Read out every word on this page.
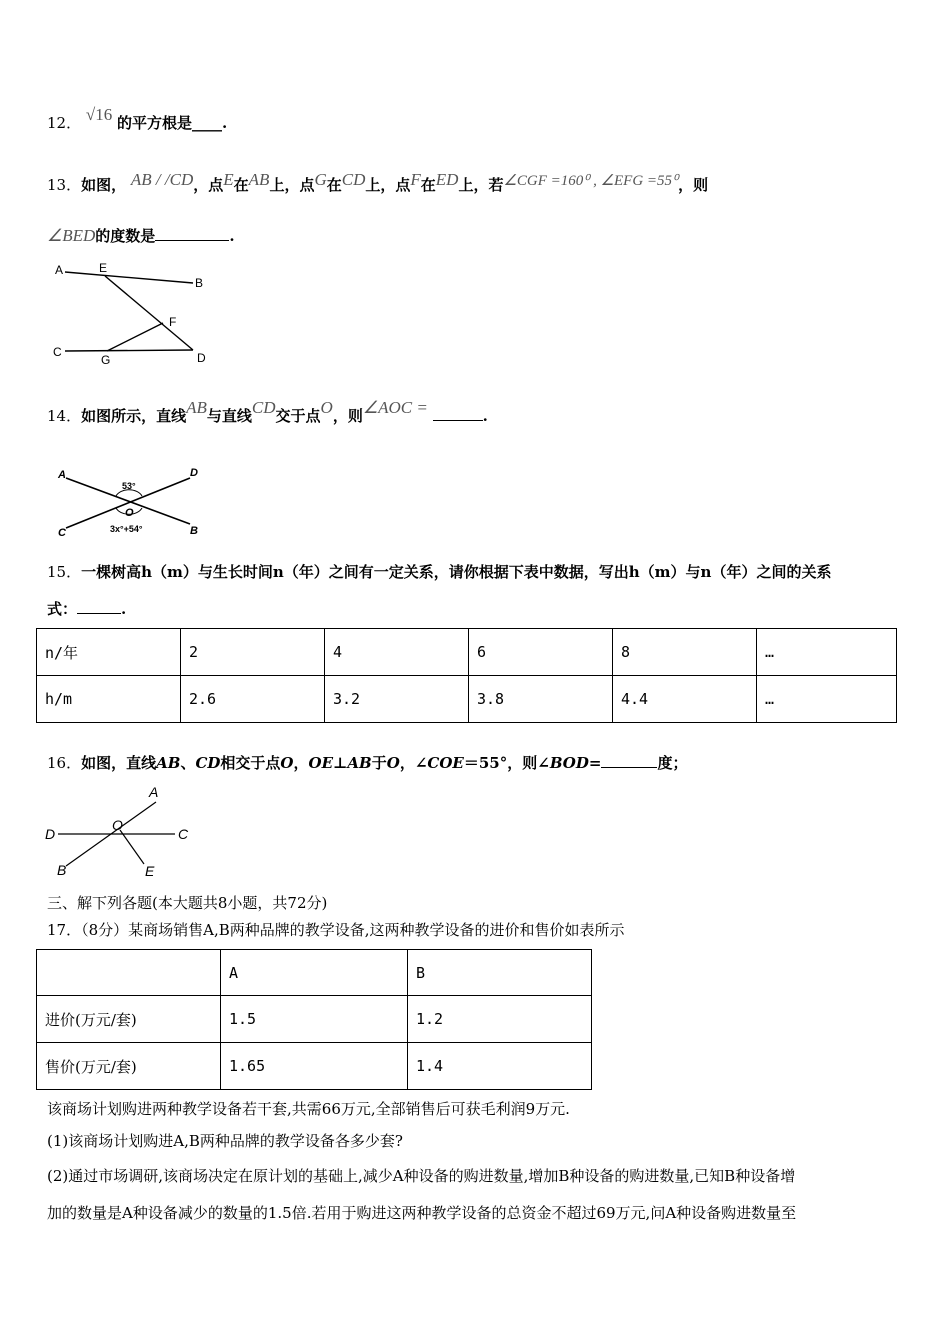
12． √16 的平方根是____.
13．如图， AB / /CD，点E在AB上，点G在CD上，点F在ED上，若∠CGF =160⁰ , ∠EFG =55⁰，则
∠BED的度数是	.
A	E
B
F
C
G	D
14．如图所示，直线AB与直线CD交于点O，则∠AOC =	.
A	D
C	B
O
53°
3x°+54°
15．一棵树高h（m）与生长时间n（年）之间有一定关系，请你根据下表中数据，写出h（m）与n（年）之间的关系
式：	.
n/年	2	4	6	8	…
h/m	2.6	3.2	3.8	4.4	…
16．如图，直线AB、CD相交于点O，OE⊥AB于O，∠COE＝55°，则∠BOD=	度；
A
O
D	C
B	E
三、解下列各题(本大题共8小题，共72分)
17．（8分）某商场销售A,B两种品牌的教学设备,这两种教学设备的进价和售价如表所示
	A	B
进价(万元/套)	1.5	1.2
售价(万元/套)	1.65	1.4
该商场计划购进两种教学设备若干套,共需66万元,全部销售后可获毛利润9万元.
(1)该商场计划购进A,B两种品牌的教学设备各多少套?
(2)通过市场调研,该商场决定在原计划的基础上,减少A种设备的购进数量,增加B种设备的购进数量,已知B种设备增
加的数量是A种设备减少的数量的1.5倍.若用于购进这两种教学设备的总资金不超过69万元,问A种设备购进数量至
